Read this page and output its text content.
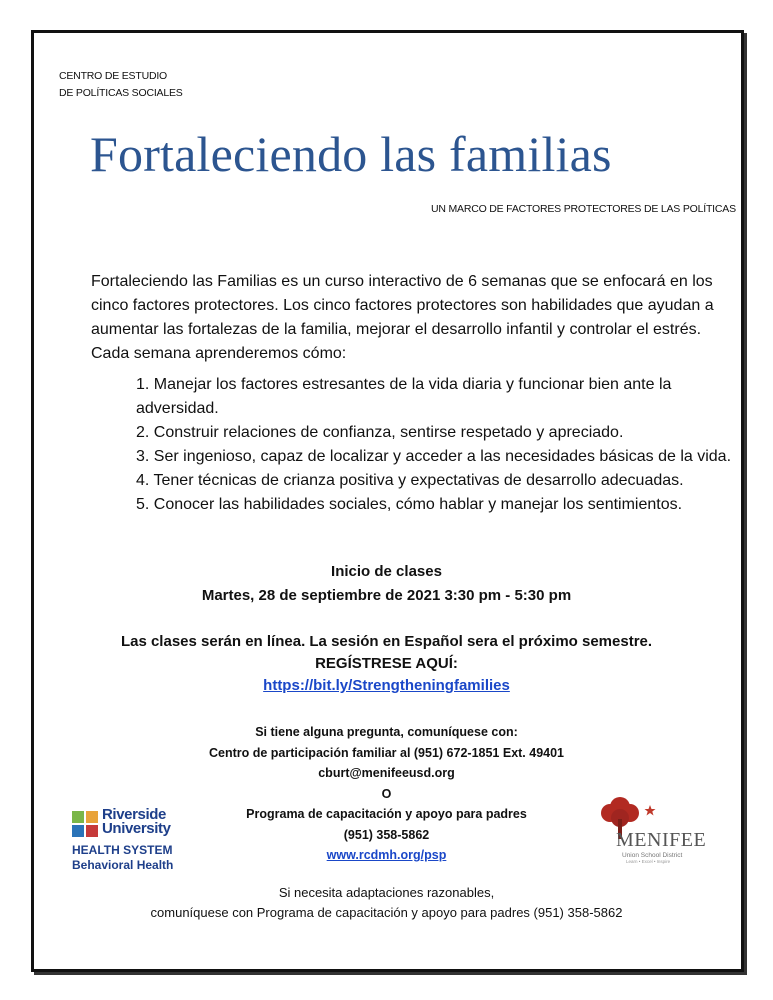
CENTRO DE ESTUDIO
DE POLÍTICAS SOCIALES
Fortaleciendo las familias
UN MARCO DE FACTORES PROTECTORES DE LAS POLÍTICAS

Fortaleciendo las Familias es un curso interactivo de 6 semanas que se enfocará en los cinco factores protectores. Los cinco factores protectores son habilidades que ayudan a aumentar las fortalezas de la familia, mejorar el desarrollo infantil y controlar el estrés. Cada semana aprenderemos cómo:

1. Manejar los factores estresantes de la vida diaria y funcionar bien ante la adversidad.
2. Construir relaciones de confianza, sentirse respetado y apreciado.
3. Ser ingenioso, capaz de localizar y acceder a las necesidades básicas de la vida.
4. Tener técnicas de crianza positiva y expectativas de desarrollo adecuadas.
5. Conocer las habilidades sociales, cómo hablar y manejar los sentimientos.
Inicio de clases
Martes, 28 de septiembre de 2021 3:30 pm - 5:30 pm
Las clases serán en línea. La sesión en Español sera el próximo semestre.
REGÍSTRESE AQUÍ:
https://bit.ly/Strengtheningfamilies
Si tiene alguna pregunta, comuníquese con:
Centro de participación familiar al (951) 672-1851 Ext. 49401
cburt@menifeeusd.org
O
Programa de capacitación y apoyo para padres
(951) 358-5862
www.rcdmh.org/psp
Si necesita adaptaciones razonables,
comuníquese con Programa de capacitación y apoyo para padres (951) 358-5862
Riverside
University
HEALTH SYSTEM
Behavioral Health
MENIFEE
Union School District
Learn • Excel • Inspire
